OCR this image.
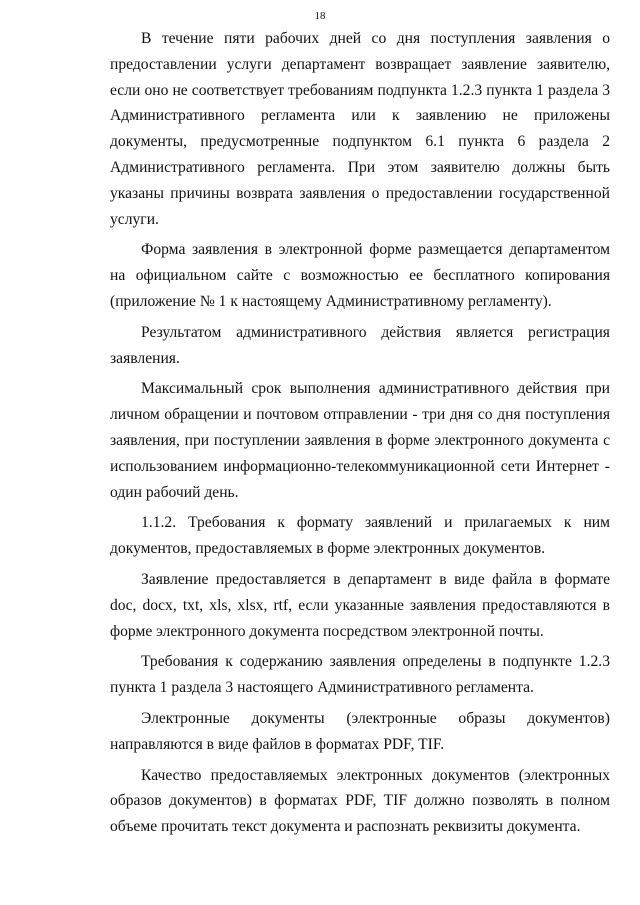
18

В течение пяти рабочих дней со дня поступления заявления о предоставлении услуги департамент возвращает заявление заявителю, если оно не соответствует требованиям подпункта 1.2.3 пункта 1 раздела 3 Административного регламента или к заявлению не приложены документы, предусмотренные подпунктом 6.1 пункта 6 раздела 2 Административного регламента. При этом заявителю должны быть указаны причины возврата заявления о предоставлении государственной услуги.

Форма заявления в электронной форме размещается департаментом на официальном сайте с возможностью ее бесплатного копирования (приложение № 1 к настоящему Административному регламенту).

Результатом административного действия является регистрация заявления.

Максимальный срок выполнения административного действия при личном обращении и почтовом отправлении - три дня со дня поступления заявления, при поступлении заявления в форме электронного документа с использованием информационно-телекоммуникационной сети Интернет - один рабочий день.

1.1.2. Требования к формату заявлений и прилагаемых к ним документов, предоставляемых в форме электронных документов.

Заявление предоставляется в департамент в виде файла в формате doc, docx, txt, xls, xlsx, rtf, если указанные заявления предоставляются в форме электронного документа посредством электронной почты.

Требования к содержанию заявления определены в подпункте 1.2.3 пункта 1 раздела 3 настоящего Административного регламента.

Электронные документы (электронные образы документов) направляются в виде файлов в форматах PDF, TIF.

Качество предоставляемых электронных документов (электронных образов документов) в форматах PDF, TIF должно позволять в полном объеме прочитать текст документа и распознать реквизиты документа.
